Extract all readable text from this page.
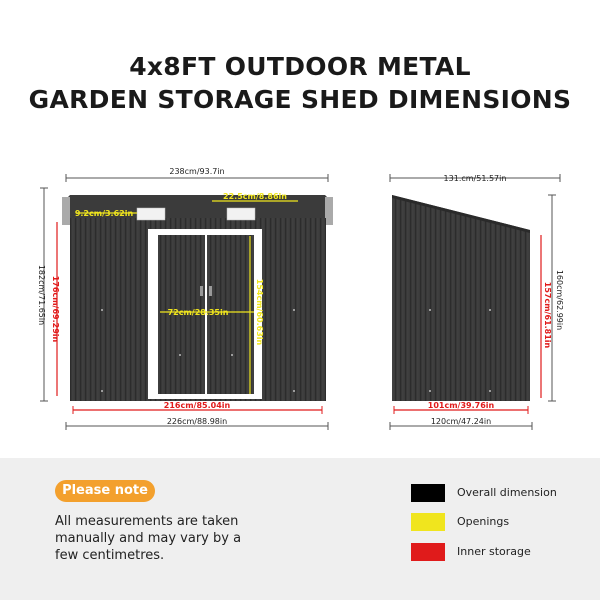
4x8FT OUTDOOR METAL
GARDEN STORAGE SHED DIMENSIONS
238cm/93.7in
22.5cm/8.86in
9.2cm/3.62in
72cm/28.35in	154cm/60.63in
182cm/71.65in 176cm/69.29in
216cm/85.04in
226cm/88.98in
131.cm/51.57in
160cm/62.99in
157cm/61.81in
101cm/39.76in
120cm/47.24in
Please note
All measurements are taken manually and may vary by a few centimetres.
Overall dimension
Openings
Inner storage
